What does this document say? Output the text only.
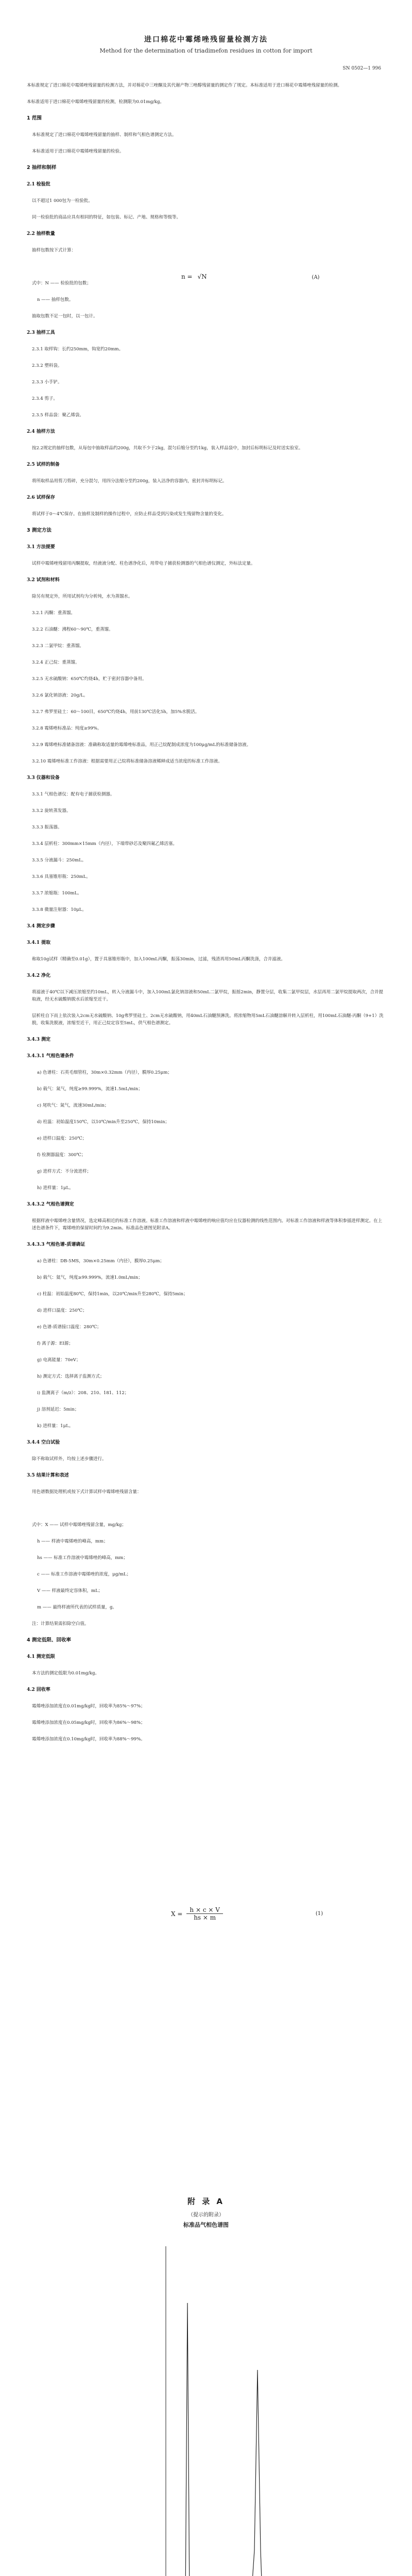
进口棉花中霉烯唑残留量检测方法
Method for the determination of triadimefon residues in cotton for import
SN 0502—1 996
本标准规定了进口棉花中霉烯唑残留量的检测方法，并对棉花中三唑酮及其代谢产物三唑醇残留量的测定作了规定。本标准适用于进口棉花中霉烯唑残留量的检测。
本标准适用于进口棉花中霉烯唑残留量的检测，检测限为0.01mg/kg。
1 范围
本标准规定了进口棉花中霉烯唑残留量的抽样、制样和气相色谱测定方法。
本标准适用于进口棉花中霉烯唑残留量的检验。
2 抽样和制样
2.1 检验批
以不超过1 000包为一检验批。
同一检验批的商品应具有相同的特征，如包装、标记、产地、规格和等级等。
2.2 抽样数量
抽样包数按下式计算：
式中：N —— 检验批的包数；
n —— 抽样包数。
抽取包数不足一包时，以一包计。
2.3 抽样工具
2.3.1 取样钩：长约250mm，钩宽约20mm。
2.3.2 塑料袋。
2.3.3 小手铲。
2.3.4 剪子。
2.3.5 样品袋：聚乙烯袋。
2.4 抽样方法
按2.2规定的抽样包数，从每包中抽取样品约200g，共取不少于2kg，混匀后缩分至约1kg，装入样品袋中，加封后标明标记及时送实验室。
2.5 试样的制备
将所取样品用剪刀剪碎，充分混匀，用四分法缩分至约200g，装入洁净的容器内，密封并标明标记。
2.6 试样保存
将试样于0～4℃保存。在抽样及制样的操作过程中，应防止样品受到污染或发生残留物含量的变化。
3 测定方法
3.1 方法提要
试样中霉烯唑残留用丙酮提取，经液液分配、柱色谱净化后，用带电子捕获检测器的气相色谱仪测定，外标法定量。
3.2 试剂和材料
除另有规定外，所用试剂均为分析纯，水为蒸馏水。
3.2.1 丙酮：重蒸馏。
3.2.2 石油醚：沸程60～90℃，重蒸馏。
3.2.3 二氯甲烷：重蒸馏。
3.2.4 正己烷：重蒸馏。
3.2.5 无水硫酸钠：650℃灼烧4h，贮于密封容器中备用。
3.2.6 氯化钠溶液：20g/L。
3.2.7 弗罗里硅土：60～100目，650℃灼烧4h，用前130℃活化5h，加5%水脱活。
3.2.8 霉烯唑标准品：纯度≥99%。
3.2.9 霉烯唑标准储备溶液：准确称取适量的霉烯唑标准品，用正己烷配制成浓度为100μg/mL的标准储备溶液。
3.2.10 霉烯唑标准工作溶液：根据需要用正己烷将标准储备溶液稀释成适当浓度的标准工作溶液。
3.3 仪器和设备
3.3.1 气相色谱仪：配有电子捕获检测器。
3.3.2 旋转蒸发器。
3.3.3 振荡器。
3.3.4 层析柱：300mm×15mm（内径），下端带砂芯及聚四氟乙烯活塞。
3.3.5 分液漏斗：250mL。
3.3.6 具塞锥形瓶：250mL。
3.3.7 浓缩瓶：100mL。
3.3.8 微量注射器：10μL。
3.4 测定步骤
3.4.1 提取
称取10g试样（精确至0.01g），置于具塞锥形瓶中，加入100mL丙酮，振荡30min，过滤，残渣再用50mL丙酮洗涤，合并滤液。
3.4.2 净化
将滤液于40℃以下减压浓缩至约10mL，转入分液漏斗中，加入100mL氯化钠溶液和50mL二氯甲烷，振摇2min，静置分层，收集二氯甲烷层，水层再用二氯甲烷提取两次，合并提取液，经无水硫酸钠脱水后浓缩至近干。
层析柱自下而上依次装入2cm无水硫酸钠、10g弗罗里硅土、2cm无水硫酸钠，用40mL石油醚预淋洗。将浓缩物用5mL石油醚溶解并转入层析柱，用100mL石油醚-丙酮（9+1）洗脱，收集洗脱液，浓缩至近干，用正己烷定容至5mL，供气相色谱测定。
3.4.3 测定
3.4.3.1 气相色谱条件
a) 色谱柱：石英毛细管柱，30m×0.32mm（内径），膜厚0.25μm；
b) 载气：氮气，纯度≥99.999%，流速1.5mL/min；
c) 尾吹气：氮气，流速30mL/min；
d) 柱温：初始温度150℃，以10℃/min升至250℃，保持10min；
e) 进样口温度：250℃；
f) 检测器温度：300℃；
g) 进样方式：不分流进样；
h) 进样量：1μL。
3.4.3.2 气相色谱测定
根据样液中霉烯唑含量情况，选定峰高相近的标准工作溶液。标准工作溶液和样液中霉烯唑的响应值均应在仪器检测的线性范围内。对标准工作溶液和样液等体积参插进样测定。在上述色谱条件下，霉烯唑的保留时间约为9.2min。标准品色谱图见附录A。
3.4.3.3 气相色谱-质谱确证
a) 色谱柱：DB-5MS，30m×0.25mm（内径），膜厚0.25μm；
b) 载气：氦气，纯度≥99.999%，流速1.0mL/min；
c) 柱温：初始温度80℃，保持1min，以20℃/min升至280℃，保持5min；
d) 进样口温度：250℃；
e) 色谱-质谱接口温度：280℃；
f) 离子源：EI源；
g) 电离能量：70eV；
h) 测定方式：选择离子监测方式；
i) 监测离子（m/z）：208、210、181、112；
j) 溶剂延迟：5min；
k) 进样量：1μL。
3.4.4 空白试验
除不称取试样外，均按上述步骤进行。
3.5 结果计算和表述
用色谱数据处理机或按下式计算试样中霉烯唑残留含量：
式中：X —— 试样中霉烯唑残留含量，mg/kg；
h —— 样液中霉烯唑的峰高，mm；
hs —— 标准工作溶液中霉烯唑的峰高，mm；
c —— 标准工作溶液中霉烯唑的浓度，μg/mL；
V —— 样液最终定容体积，mL；
m —— 最终样液所代表的试样质量，g。
注：计算结果需扣除空白值。
4 测定低限、回收率
4.1 测定低限
本方法的测定低限为0.01mg/kg。
4.2 回收率
霉烯唑添加浓度在0.01mg/kg时，回收率为85%～97%；
霉烯唑添加浓度在0.05mg/kg时，回收率为86%～98%；
霉烯唑添加浓度在0.10mg/kg时，回收率为88%～99%。
n = √N	(A)
$X = \frac{h \times c \times V}{hs \times m}$	(1)
附 录 A
（提示的附录）
标准品气相色谱图
